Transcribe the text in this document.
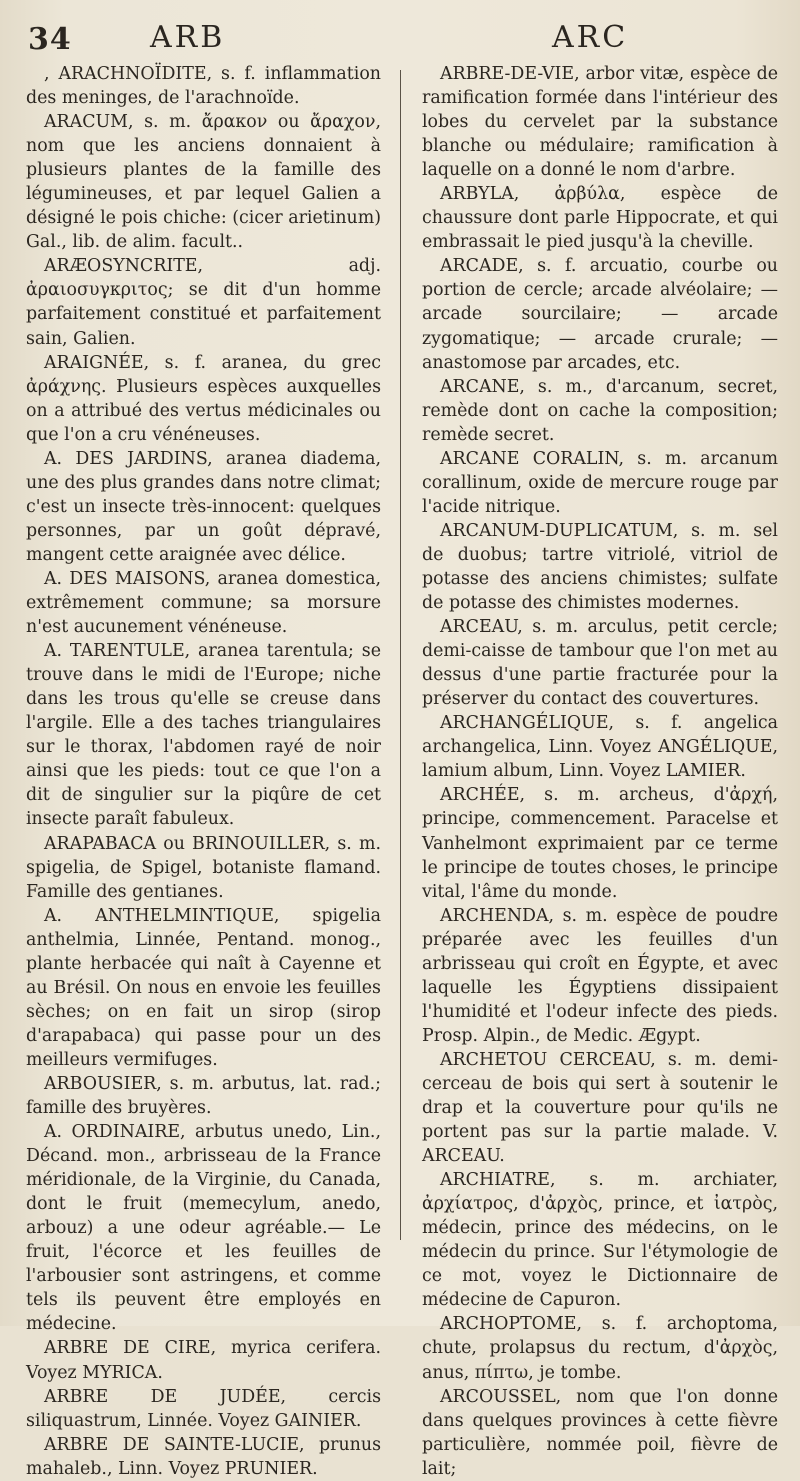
34	ARB	ARC

, ARACHNOÏDITE, s. f. inflammation des meninges, de l'arachnoïde.

ARACUM, s. m. ἄρακον ou ἄραχον, nom que les anciens donnaient à plusieurs plantes de la famille des légumineuses, et par lequel Galien a désigné le pois chiche: (cicer arietinum) Gal., lib. de alim. facult..

ARÆOSYNCRITE, adj. ἀραιοσυγκριτος; se dit d'un homme parfaitement constitué et parfaitement sain, Galien.

ARAIGNÉE, s. f. aranea, du grec ἀράχνης. Plusieurs espèces auxquelles on a attribué des vertus médicinales ou que l'on a cru vénéneuses.

A. DES JARDINS, aranea diadema, une des plus grandes dans notre climat; c'est un insecte très-innocent: quelques personnes, par un goût dépravé, mangent cette araignée avec délice.

A. DES MAISONS, aranea domestica, extrêmement commune; sa morsure n'est aucunement vénéneuse.

A. TARENTULE, aranea tarentula; se trouve dans le midi de l'Europe; niche dans les trous qu'elle se creuse dans l'argile. Elle a des taches triangulaires sur le thorax, l'abdomen rayé de noir ainsi que les pieds: tout ce que l'on a dit de singulier sur la piqûre de cet insecte paraît fabuleux.

ARAPABACA ou BRINOUILLER, s. m. spigelia, de Spigel, botaniste flamand. Famille des gentianes.

A. ANTHELMINTIQUE, spigelia anthelmia, Linnée, Pentand. monog., plante herbacée qui naît à Cayenne et au Brésil. On nous en envoie les feuilles sèches; on en fait un sirop (sirop d'arapabaca) qui passe pour un des meilleurs vermifuges.

ARBOUSIER, s. m. arbutus, lat. rad.; famille des bruyères.

A. ORDINAIRE, arbutus unedo, Lin., Décand. mon., arbrisseau de la France méridionale, de la Virginie, du Canada, dont le fruit (memecylum, anedo, arbouz) a une odeur agréable.— Le fruit, l'écorce et les feuilles de l'arbousier sont astringens, et comme tels ils peuvent être employés en médecine.

ARBRE DE CIRE, myrica cerifera. Voyez MYRICA.

ARBRE DE JUDÉE, cercis siliquastrum, Linnée. Voyez GAINIER.

ARBRE DE SAINTE-LUCIE, prunus mahaleb., Linn. Voyez PRUNIER.

ARBRE-DE-VIE, arbor vitæ, espèce de ramification formée dans l'intérieur des lobes du cervelet par la substance blanche ou médulaire; ramification à laquelle on a donné le nom d'arbre.

ARBYLA, ἀρβύλα, espèce de chaussure dont parle Hippocrate, et qui embrassait le pied jusqu'à la cheville.

ARCADE, s. f. arcuatio, courbe ou portion de cercle; arcade alvéolaire; — arcade sourcilaire; — arcade zygomatique; — arcade crurale; — anastomose par arcades, etc.

ARCANE, s. m., d'arcanum, secret, remède dont on cache la composition; remède secret.

ARCANE CORALIN, s. m. arcanum corallinum, oxide de mercure rouge par l'acide nitrique.

ARCANUM-DUPLICATUM, s. m. sel de duobus; tartre vitriolé, vitriol de potasse des anciens chimistes; sulfate de potasse des chimistes modernes.

ARCEAU, s. m. arculus, petit cercle; demi-caisse de tambour que l'on met au dessus d'une partie fracturée pour la préserver du contact des couvertures.

ARCHANGÉLIQUE, s. f. angelica archangelica, Linn. Voyez ANGÉLIQUE, lamium album, Linn. Voyez LAMIER.

ARCHÉE, s. m. archeus, d'ἀρχή, principe, commencement. Paracelse et Vanhelmont exprimaient par ce terme le principe de toutes choses, le principe vital, l'âme du monde.

ARCHENDA, s. m. espèce de poudre préparée avec les feuilles d'un arbrisseau qui croît en Égypte, et avec laquelle les Égyptiens dissipaient l'humidité et l'odeur infecte des pieds. Prosp. Alpin., de Medic. Ægypt.

ARCHETOU CERCEAU, s. m. demi-cerceau de bois qui sert à soutenir le drap et la couverture pour qu'ils ne portent pas sur la partie malade. V. ARCEAU.

ARCHIATRE, s. m. archiater, ἀρχίατρος, d'ἀρχὸς, prince, et ἰατρὸς, médecin, prince des médecins, on le médecin du prince. Sur l'étymologie de ce mot, voyez le Dictionnaire de médecine de Capuron.

ARCHOPTOME, s. f. archoptoma, chute, prolapsus du rectum, d'ἀρχὸς, anus, πίπτω, je tombe.

ARCOUSSEL, nom que l'on donne dans quelques provinces à cette fièvre particulière, nommée poil, fièvre de lait;
